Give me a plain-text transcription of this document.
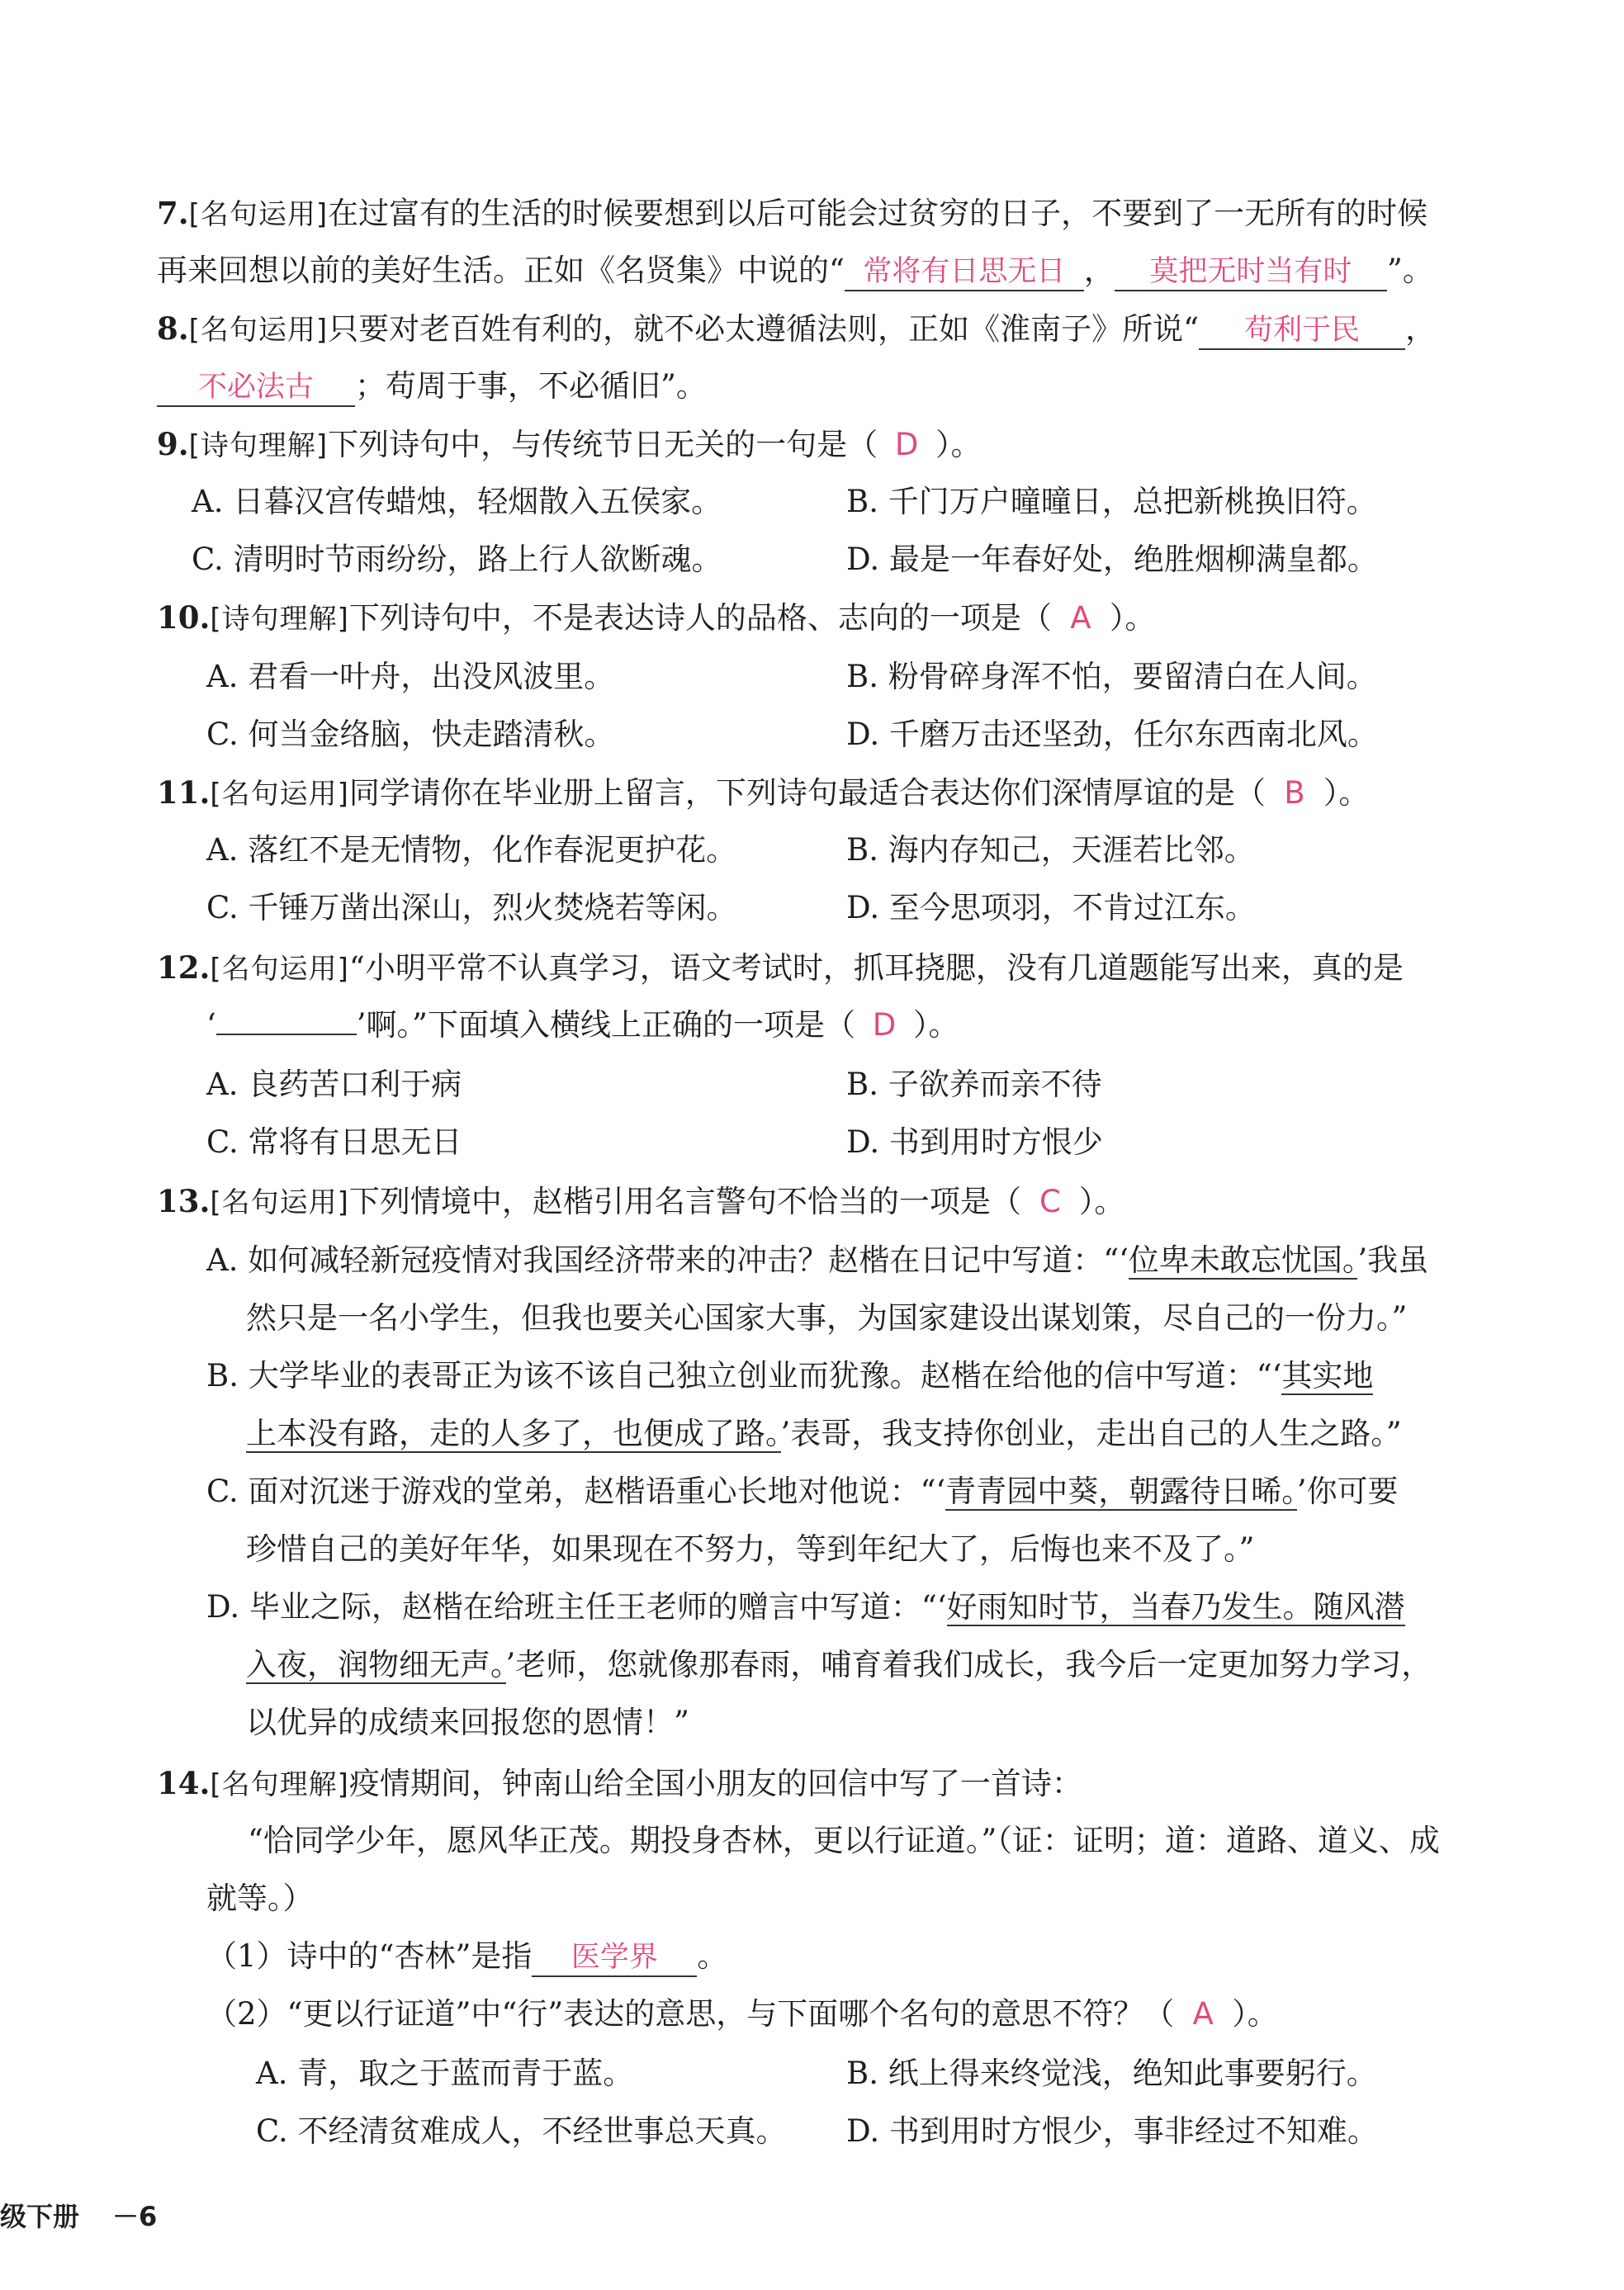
7.[名句运用]在过富有的生活的时候要想到以后可能会过贫穷的日子，不要到了一无所有的时候
再来回想以前的美好生活。正如《名贤集》中说的“ 常将有日思无日 ， 莫把无时当有时 ”。
8.[名句运用]只要对老百姓有利的，就不必太遵循法则，正如《淮南子》所说“ 苟利于民 ，
不必法古 ；苟周于事，不必循旧”。
9.[诗句理解]下列诗句中，与传统节日无关的一句是（ D ）。
A. 日暮汉宫传蜡烛，轻烟散入五侯家。	B. 千门万户曈曈日，总把新桃换旧符。
C. 清明时节雨纷纷，路上行人欲断魂。	D. 最是一年春好处，绝胜烟柳满皇都。
10.[诗句理解]下列诗句中，不是表达诗人的品格、志向的一项是（ A ）。
A. 君看一叶舟，出没风波里。	B. 粉骨碎身浑不怕，要留清白在人间。
C. 何当金络脑，快走踏清秋。	D. 千磨万击还坚劲，任尔东西南北风。
11.[名句运用]同学请你在毕业册上留言，下列诗句最适合表达你们深情厚谊的是（ B ）。
A. 落红不是无情物，化作春泥更护花。	B. 海内存知己，天涯若比邻。
C. 千锤万凿出深山，烈火焚烧若等闲。	D. 至今思项羽，不肯过江东。
12.[名句运用]“小明平常不认真学习，语文考试时，抓耳挠腮，没有几道题能写出来，真的是
‘	’啊。”下面填入横线上正确的一项是（ D ）。
A. 良药苦口利于病	B. 子欲养而亲不待
C. 常将有日思无日	D. 书到用时方恨少
13.[名句运用]下列情境中，赵楷引用名言警句不恰当的一项是（ C ）。
A. 如何减轻新冠疫情对我国经济带来的冲击？赵楷在日记中写道：“‘位卑未敢忘忧国。’我虽
然只是一名小学生，但我也要关心国家大事，为国家建设出谋划策，尽自己的一份力。”
B. 大学毕业的表哥正为该不该自己独立创业而犹豫。赵楷在给他的信中写道：“‘其实地
上本没有路，走的人多了，也便成了路。’表哥，我支持你创业，走出自己的人生之路。”
C. 面对沉迷于游戏的堂弟，赵楷语重心长地对他说：“‘青青园中葵，朝露待日晞。’你可要
珍惜自己的美好年华，如果现在不努力，等到年纪大了，后悔也来不及了。”
D. 毕业之际，赵楷在给班主任王老师的赠言中写道：“‘好雨知时节，当春乃发生。随风潜
入夜，润物细无声。’老师，您就像那春雨，哺育着我们成长，我今后一定更加努力学习，
以优异的成绩来回报您的恩情！”
14.[名句理解]疫情期间，钟南山给全国小朋友的回信中写了一首诗：
“恰同学少年，愿风华正茂。期投身杏林，更以行证道。”（证：证明；道：道路、道义、成
就等。）
（1）诗中的“杏林”是指 医学界 。
（2）“更以行证道”中“行”表达的意思，与下面哪个名句的意思不符？（ A ）。
A. 青，取之于蓝而青于蓝。	B. 纸上得来终觉浅，绝知此事要躬行。
C. 不经清贫难成人，不经世事总天真。 D. 书到用时方恨少，事非经过不知难。
级下册 －6
